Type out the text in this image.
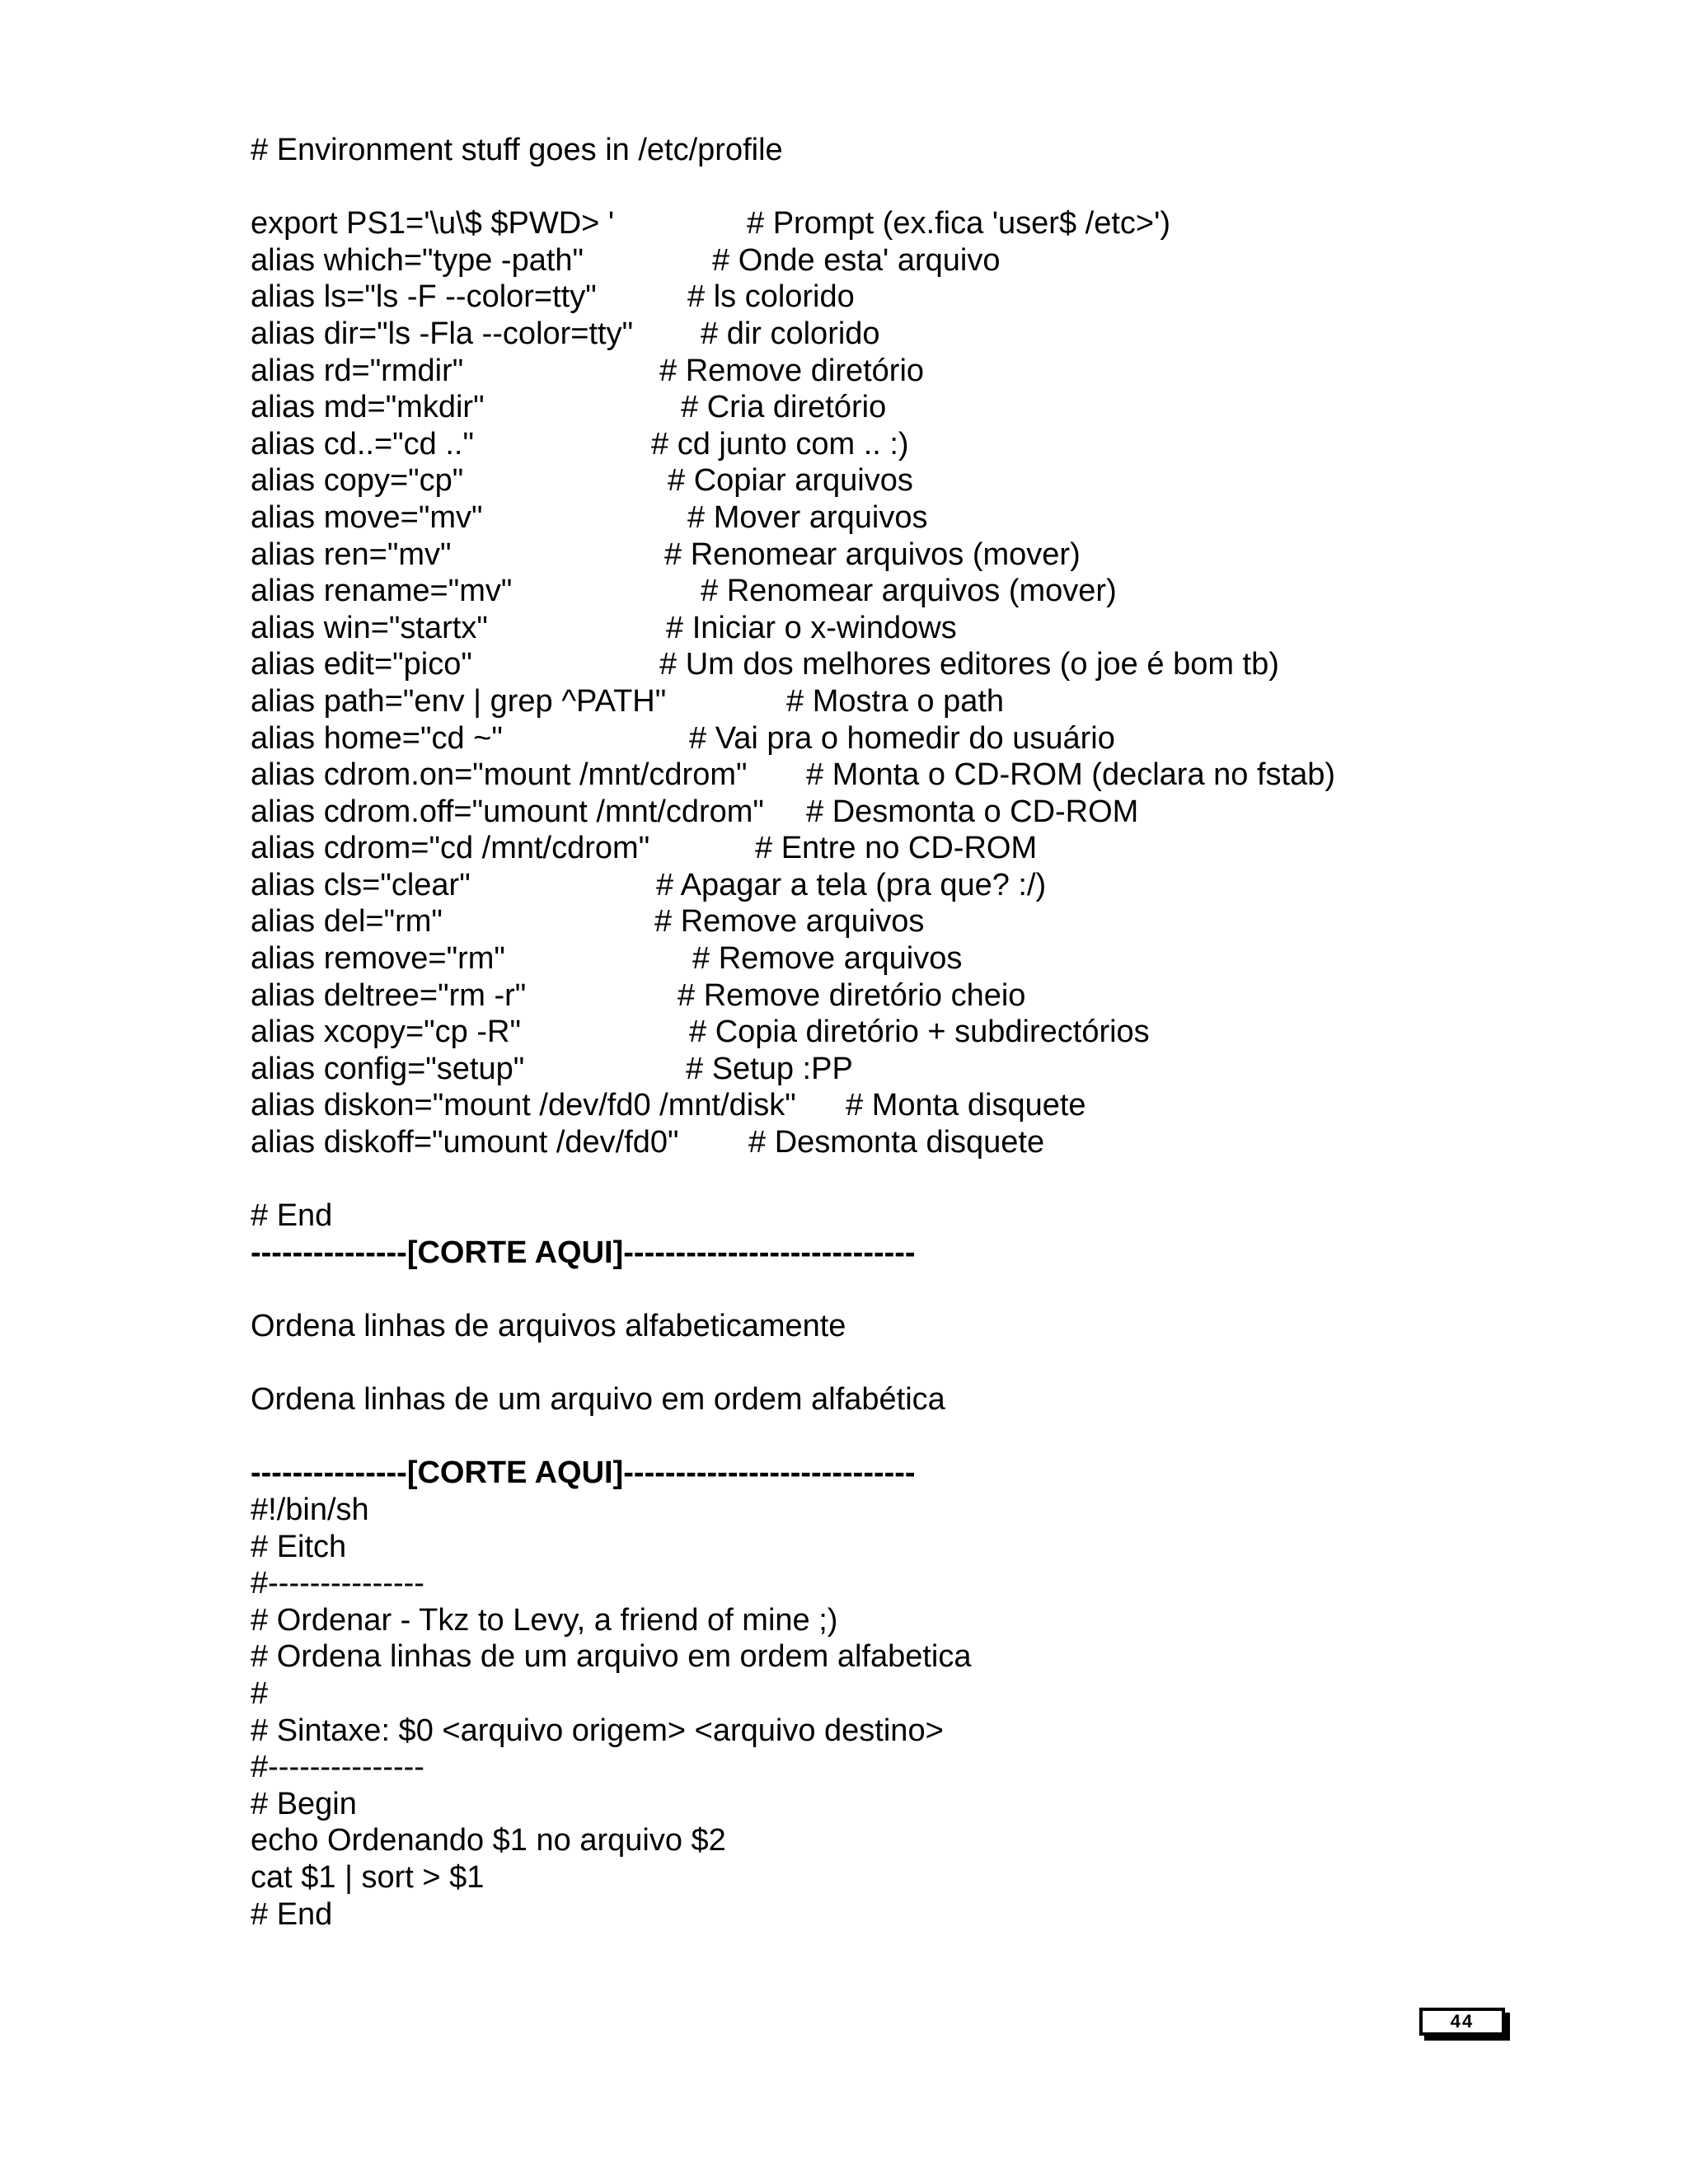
# Environment stuff goes in /etc/profile

export PS1='\u\$ $PWD> '	# Prompt (ex.fica 'user$ /etc>')
alias which="type -path"	# Onde esta' arquivo
alias ls="ls -F --color=tty"	# ls colorido
alias dir="ls -Fla --color=tty" # dir colorido
alias rd="rmdir"	# Remove diretório
alias md="mkdir"	# Cria diretório
alias cd..="cd .."	# cd junto com .. :)
alias copy="cp"	# Copiar arquivos
alias move="mv"	# Mover arquivos
alias ren="mv"	# Renomear arquivos (mover)
alias rename="mv"	# Renomear arquivos (mover)
alias win="startx"	# Iniciar o x-windows
alias edit="pico"	# Um dos melhores editores (o joe é bom tb)
alias path="env | grep ^PATH"	# Mostra o path
alias home="cd ~"	# Vai pra o homedir do usuário
alias cdrom.on="mount /mnt/cdrom" # Monta o CD-ROM (declara no fstab)
alias cdrom.off="umount /mnt/cdrom" # Desmonta o CD-ROM
alias cdrom="cd /mnt/cdrom"	# Entre no CD-ROM
alias cls="clear"	# Apagar a tela (pra que? :/)
alias del="rm"	# Remove arquivos
alias remove="rm"	# Remove arquivos
alias deltree="rm -r"	# Remove diretório cheio
alias xcopy="cp -R"	# Copia diretório + subdirectórios
alias config="setup"	# Setup :PP
alias diskon="mount /dev/fd0 /mnt/disk" # Monta disquete
alias diskoff="umount /dev/fd0" # Desmonta disquete

# End

---------------[CORTE AQUI]----------------------------

Ordena linhas de arquivos alfabeticamente

Ordena linhas de um arquivo em ordem alfabética

---------------[CORTE AQUI]----------------------------

#!/bin/sh
# Eitch
#---------------
# Ordenar - Tkz to Levy, a friend of mine ;)
# Ordena linhas de um arquivo em ordem alfabetica
#
# Sintaxe: $0 <arquivo origem> <arquivo destino>
#---------------
# Begin
echo Ordenando $1 no arquivo $2
cat $1 | sort > $1
# End
44
